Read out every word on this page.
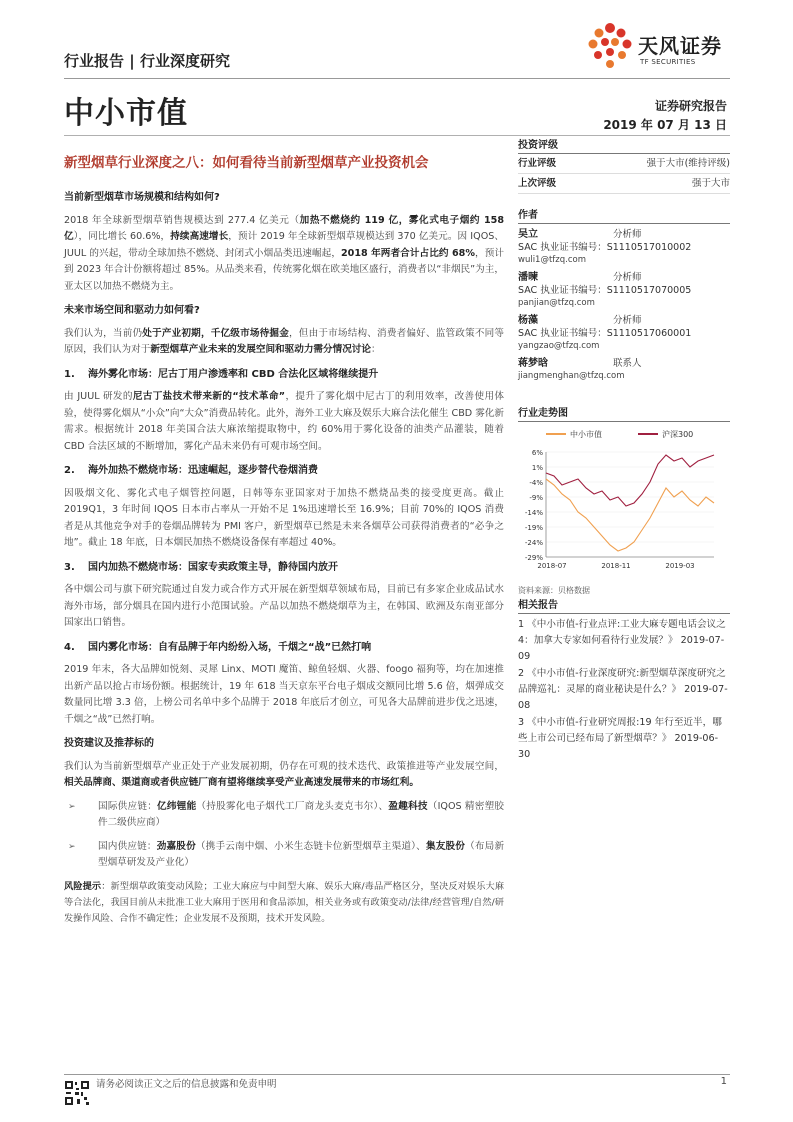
行业报告 | 行业深度研究
天风证券
TF SECURITIES
中小市值	证券研究报告
2019 年 07 月 13 日
新型烟草行业深度之八：如何看待当前新型烟草产业投资机会
当前新型烟草市场规模和结构如何?

2018 年全球新型烟草销售规模达到 277.4 亿美元（加热不燃烧约 119 亿，雾化式电子烟约 158 亿），同比增长 60.6%，持续高速增长，预计 2019 年全球新型烟草规模达到 370 亿美元。因 IQOS、JUUL 的兴起，带动全球加热不燃烧、封闭式小烟品类迅速崛起，2018 年两者合计占比约 68%，预计到 2023 年合计份额将超过 85%。从品类来看，传统雾化烟在欧美地区盛行，消费者以“非烟民”为主，亚太区以加热不燃烧为主。

未来市场空间和驱动力如何看?

我们认为，当前仍处于产业初期，千亿级市场待掘金，但由于市场结构、消费者偏好、监管政策不同等原因，我们认为对于新型烟草产业未来的发展空间和驱动力需分情况讨论：

1. 海外雾化市场：尼古丁用户渗透率和 CBD 合法化区域将继续提升

由 JUUL 研发的尼古丁盐技术带来新的“技术革命”，提升了雾化烟中尼古丁的利用效率，改善使用体验，使得雾化烟从“小众”向“大众”消费品转化。此外，海外工业大麻及娱乐大麻合法化催生 CBD 雾化新需求。根据统计 2018 年美国合法大麻浓缩提取物中，约 60%用于雾化设备的油类产品灌装，随着 CBD 合法区域的不断增加，雾化产品未来仍有可观市场空间。

2. 海外加热不燃烧市场：迅速崛起，逐步替代卷烟消费

因吸烟文化、雾化式电子烟管控问题，日韩等东亚国家对于加热不燃烧品类的接受度更高。截止 2019Q1，3 年时间 IQOS 日本市占率从一开始不足 1%迅速增长至 16.9%；目前 70%的 IQOS 消费者是从其他竞争对手的卷烟品牌转为 PMI 客户，新型烟草已然是未来各烟草公司获得消费者的“必争之地”。截止 18 年底，日本烟民加热不燃烧设备保有率超过 40%。

3. 国内加热不燃烧市场：国家专卖政策主导，静待国内放开

各中烟公司与旗下研究院通过自发力或合作方式开展在新型烟草领域布局，目前已有多家企业成品试水海外市场，部分烟具在国内进行小范围试验。产品以加热不燃烧烟草为主，在韩国、欧洲及东南亚部分国家出口销售。

4. 国内雾化市场：自有品牌于年内纷纷入场，千烟之“战”已然打响

2019 年末，各大品牌如悦刻、灵犀 Linx、MOTI 魔笛、鲸鱼轻烟、火器、foogo 福狗等，均在加速推出新产品以抢占市场份额。根据统计，19 年 618 当天京东平台电子烟成交额同比增 5.6 倍，烟弹成交数量同比增 3.3 倍，上榜公司名单中多个品牌于 2018 年底后才创立，可见各大品牌前进步伐之迅速，千烟之“战”已然打响。

投资建议及推荐标的

我们认为当前新型烟草产业正处于产业发展初期，仍存在可观的技术迭代、政策推进等产业发展空间，相关品牌商、渠道商或者供应链厂商有望将继续享受产业高速发展带来的市场红利。

➢ 国际供应链：亿纬锂能（持股雾化电子烟代工厂商龙头麦克韦尔）、盈趣科技（IQOS 精密塑胶件二级供应商）

➢ 国内供应链：劲嘉股份（携手云南中烟、小米生态链卡位新型烟草主渠道）、集友股份（布局新型烟草研发及产业化）

风险提示：新型烟草政策变动风险；工业大麻应与中间型大麻、娱乐大麻/毒品严格区分，坚决反对娱乐大麻等合法化，我国目前从未批准工业大麻用于医用和食品添加，相关业务或有政策变动/法律/经营管理/自然/研发操作风险、合作不确定性；企业发展不及预期，技术开发风险。

投资评级
行业评级	强于大市(维持评级)
上次评级	强于大市
作者
吴立	分析师
SAC 执业证书编号：S1110517010002
wuli1@tfzq.com
潘暕	分析师
SAC 执业证书编号：S1110517070005
panjian@tfzq.com
杨藻	分析师
SAC 执业证书编号：S1110517060001
yangzao@tfzq.com
蒋梦晗	联系人
jiangmenghan@tfzq.com
行业走势图
中小市值	沪深300
6%
1%
-4%
-9%
-14%
-19%
-24%
-29%
2018-07	2018-11	2019-03
资料来源：贝格数据
相关报告
1 《中小市值-行业点评:工业大麻专题电话会议之 4：加拿大专家如何看待行业发展？》 2019-07-09
2 《中小市值-行业深度研究:新型烟草深度研究之品牌巡礼：灵犀的商业秘诀是什么？》 2019-07-08
3 《中小市值-行业研究周报:19 年行至近半，哪些上市公司已经布局了新型烟草？》 2019-06-30
请务必阅读正文之后的信息披露和免责申明	1
